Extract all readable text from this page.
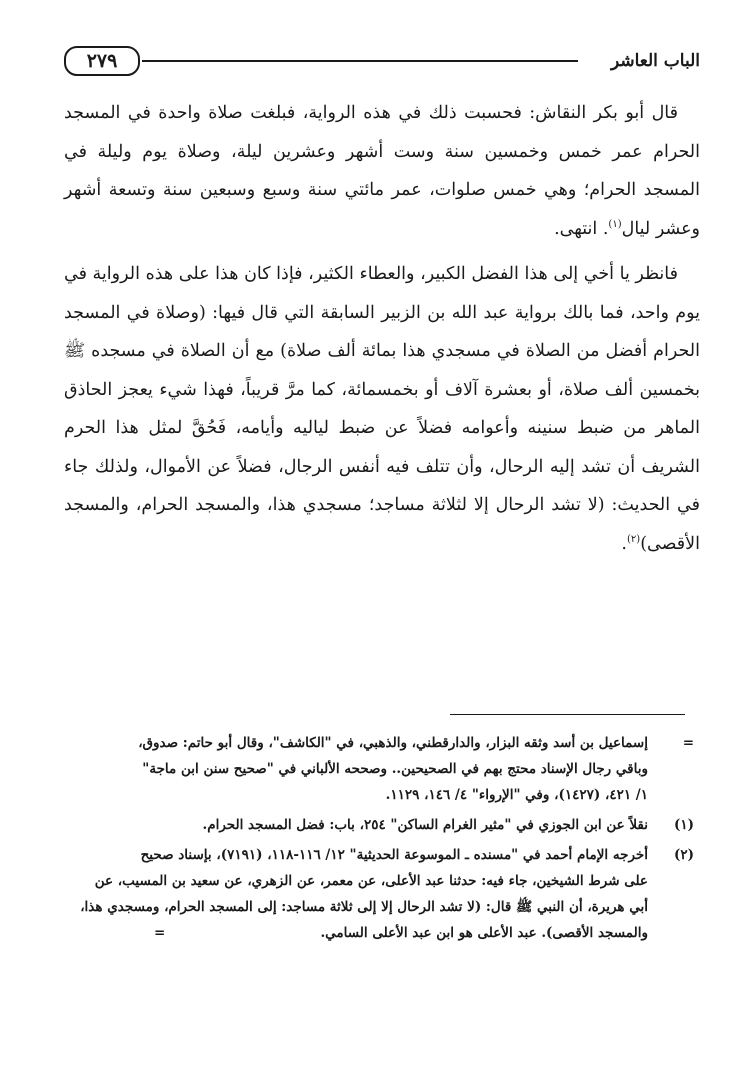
الباب العاشر
٢٧٩

قال أبو بكر النقاش: فحسبت ذلك في هذه الرواية، فبلغت صلاة واحدة في المسجد الحرام عمر خمس وخمسين سنة وست أشهر وعشرين ليلة، وصلاة يوم وليلة في المسجد الحرام؛ وهي خمس صلوات، عمر مائتي سنة وسبع وسبعين سنة وتسعة أشهر وعشر ليال$^{(١)}$. انتهى.

فانظر يا أخي إلى هذا الفضل الكبير، والعطاء الكثير، فإذا كان هذا على هذه الرواية في يوم واحد، فما بالك برواية عبد الله بن الزبير السابقة التي قال فيها: (وصلاة في المسجد الحرام أفضل من الصلاة في مسجدي هذا بمائة ألف صلاة) مع أن الصلاة في مسجده ﷺ بخمسين ألف صلاة، أو بعشرة آلاف أو بخمسمائة، كما مرَّ قريباً، فهذا شيء يعجز الحاذق الماهر من ضبط سنينه وأعوامه فضلاً عن ضبط لياليه وأيامه، فَحُقَّ لمثل هذا الحرم الشريف أن تشد إليه الرحال، وأن تتلف فيه أنفس الرجال، فضلاً عن الأموال، ولذلك جاء في الحديث: (لا تشد الرحال إلا لثلاثة مساجد؛ مسجدي هذا، والمسجد الحرام، والمسجد الأقصى)$^{(٢)}$.

=
إسماعيل بن أسد وثقه البزار، والدارقطني، والذهبي، في "الكاشف"، وقال أبو حاتم: صدوق،
وباقي رجال الإسناد محتج بهم في الصحيحين.. وصححه الألباني في "صحيح سنن ابن ماجة"
١/ ٤٢١، (١٤٢٧)، وفي "الإرواء" ٤/ ١٤٦، ١١٢٩.
(١)
نقلاً عن ابن الجوزي في "مثير الغرام الساكن" ٢٥٤، باب: فضل المسجد الحرام.
(٢)
أخرجه الإمام أحمد في "مسنده ـ الموسوعة الحديثية" ١٢/ ١١٦-١١٨، (٧١٩١)، بإسناد صحيح
على شرط الشيخين، جاء فيه: حدثنا عبد الأعلى، عن معمر، عن الزهري، عن سعيد بن المسيب، عن
أبي هريرة، أن النبي ﷺ قال: (لا تشد الرحال إلا إلى ثلاثة مساجد: إلى المسجد الحرام، ومسجدي هذا،
والمسجد الأقصى). عبد الأعلى هو ابن عبد الأعلى السامي.
=
